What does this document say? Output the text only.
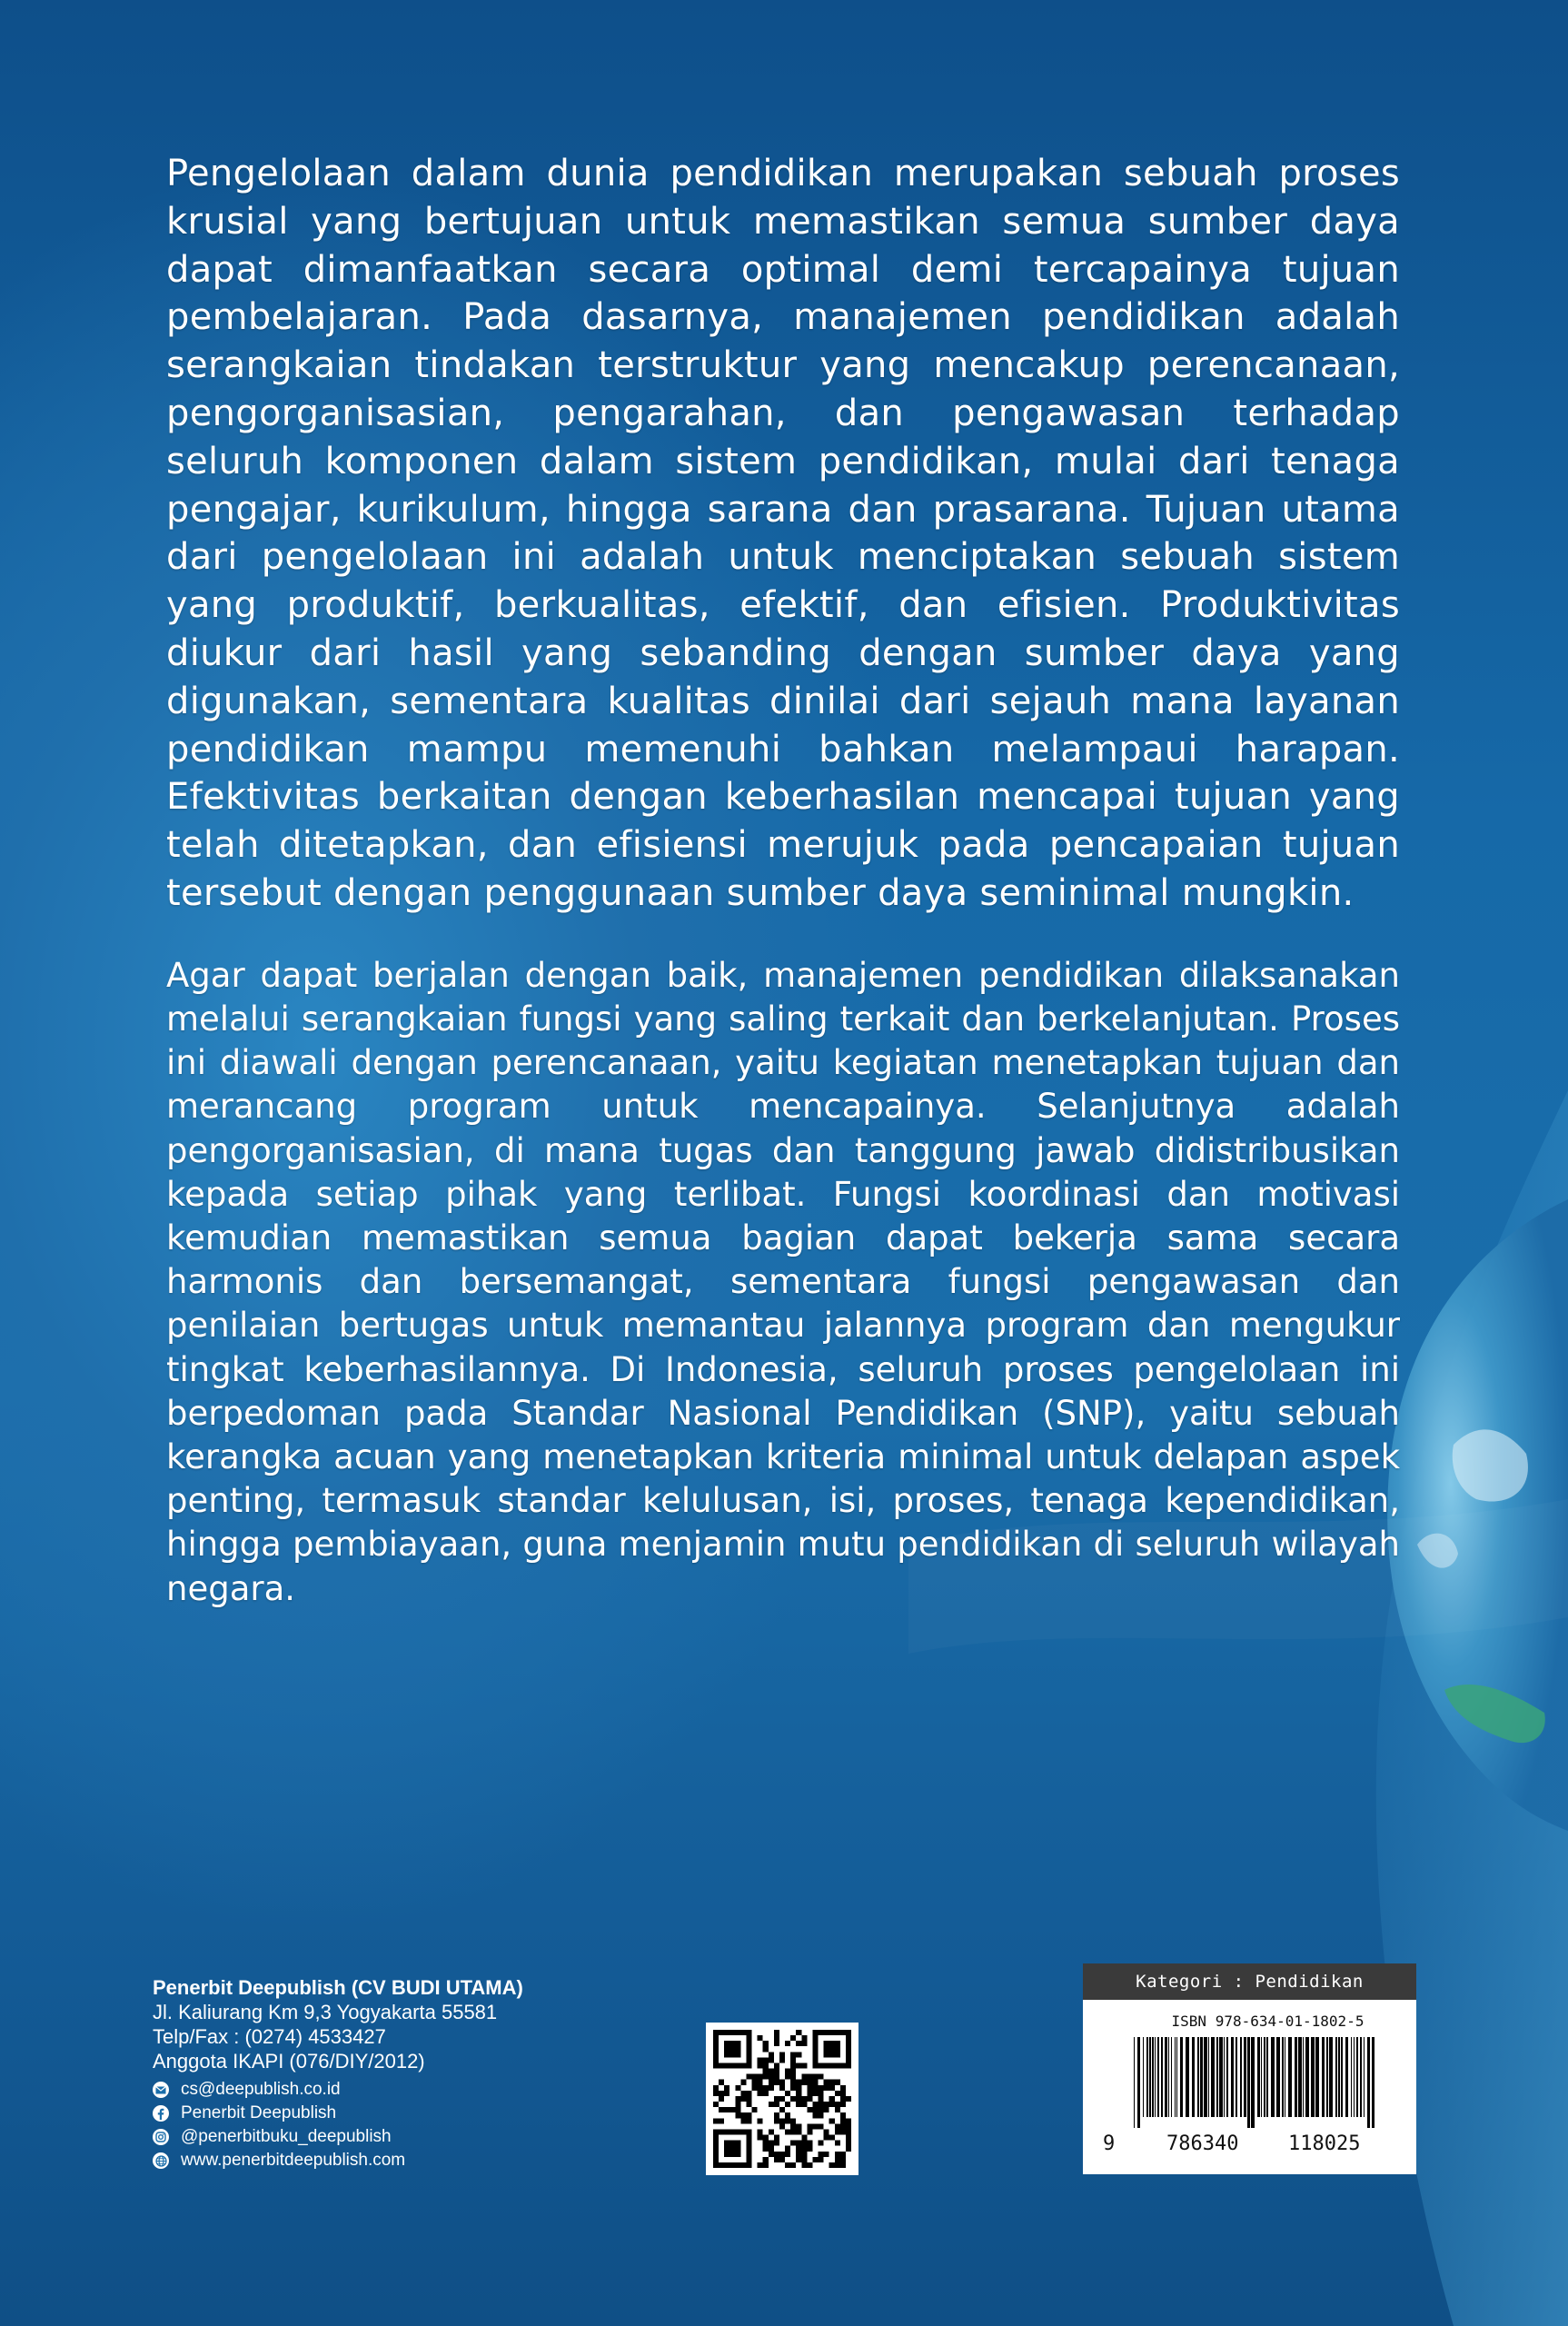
Pengelolaan dalam dunia pendidikan merupakan sebuah proses krusial yang bertujuan untuk memastikan semua sumber daya dapat dimanfaatkan secara optimal demi tercapainya tujuan pembelajaran. Pada dasarnya, manajemen pendidikan adalah serangkaian tindakan terstruktur yang mencakup perencanaan, pengorganisasian, pengarahan, dan pengawasan terhadap seluruh komponen dalam sistem pendidikan, mulai dari tenaga pengajar, kurikulum, hingga sarana dan prasarana. Tujuan utama dari pengelolaan ini adalah untuk menciptakan sebuah sistem yang produktif, berkualitas, efektif, dan efisien. Produktivitas diukur dari hasil yang sebanding dengan sumber daya yang digunakan, sementara kualitas dinilai dari sejauh mana layanan pendidikan mampu memenuhi bahkan melampaui harapan. Efektivitas berkaitan dengan keberhasilan mencapai tujuan yang telah ditetapkan, dan efisiensi merujuk pada pencapaian tujuan tersebut dengan penggunaan sumber daya seminimal mungkin.

Agar dapat berjalan dengan baik, manajemen pendidikan dilaksanakan melalui serangkaian fungsi yang saling terkait dan berkelanjutan. Proses ini diawali dengan perencanaan, yaitu kegiatan menetapkan tujuan dan merancang program untuk mencapainya. Selanjutnya adalah pengorganisasian, di mana tugas dan tanggung jawab didistribusikan kepada setiap pihak yang terlibat. Fungsi koordinasi dan motivasi kemudian memastikan semua bagian dapat bekerja sama secara harmonis dan bersemangat, sementara fungsi pengawasan dan penilaian bertugas untuk memantau jalannya program dan mengukur tingkat keberhasilannya. Di Indonesia, seluruh proses pengelolaan ini berpedoman pada Standar Nasional Pendidikan (SNP), yaitu sebuah kerangka acuan yang menetapkan kriteria minimal untuk delapan aspek penting, termasuk standar kelulusan, isi, proses, tenaga kependidikan, hingga pembiayaan, guna menjamin mutu pendidikan di seluruh wilayah negara.

Penerbit Deepublish (CV BUDI UTAMA)
Jl. Kaliurang Km 9,3 Yogyakarta 55581
Telp/Fax : (0274) 4533427
Anggota IKAPI (076/DIY/2012)
cs@deepublish.co.id
Penerbit Deepublish
@penerbitbuku_deepublish
www.penerbitdeepublish.com
Kategori : Pendidikan
ISBN 978-634-01-1802-5
9	786340 118025
